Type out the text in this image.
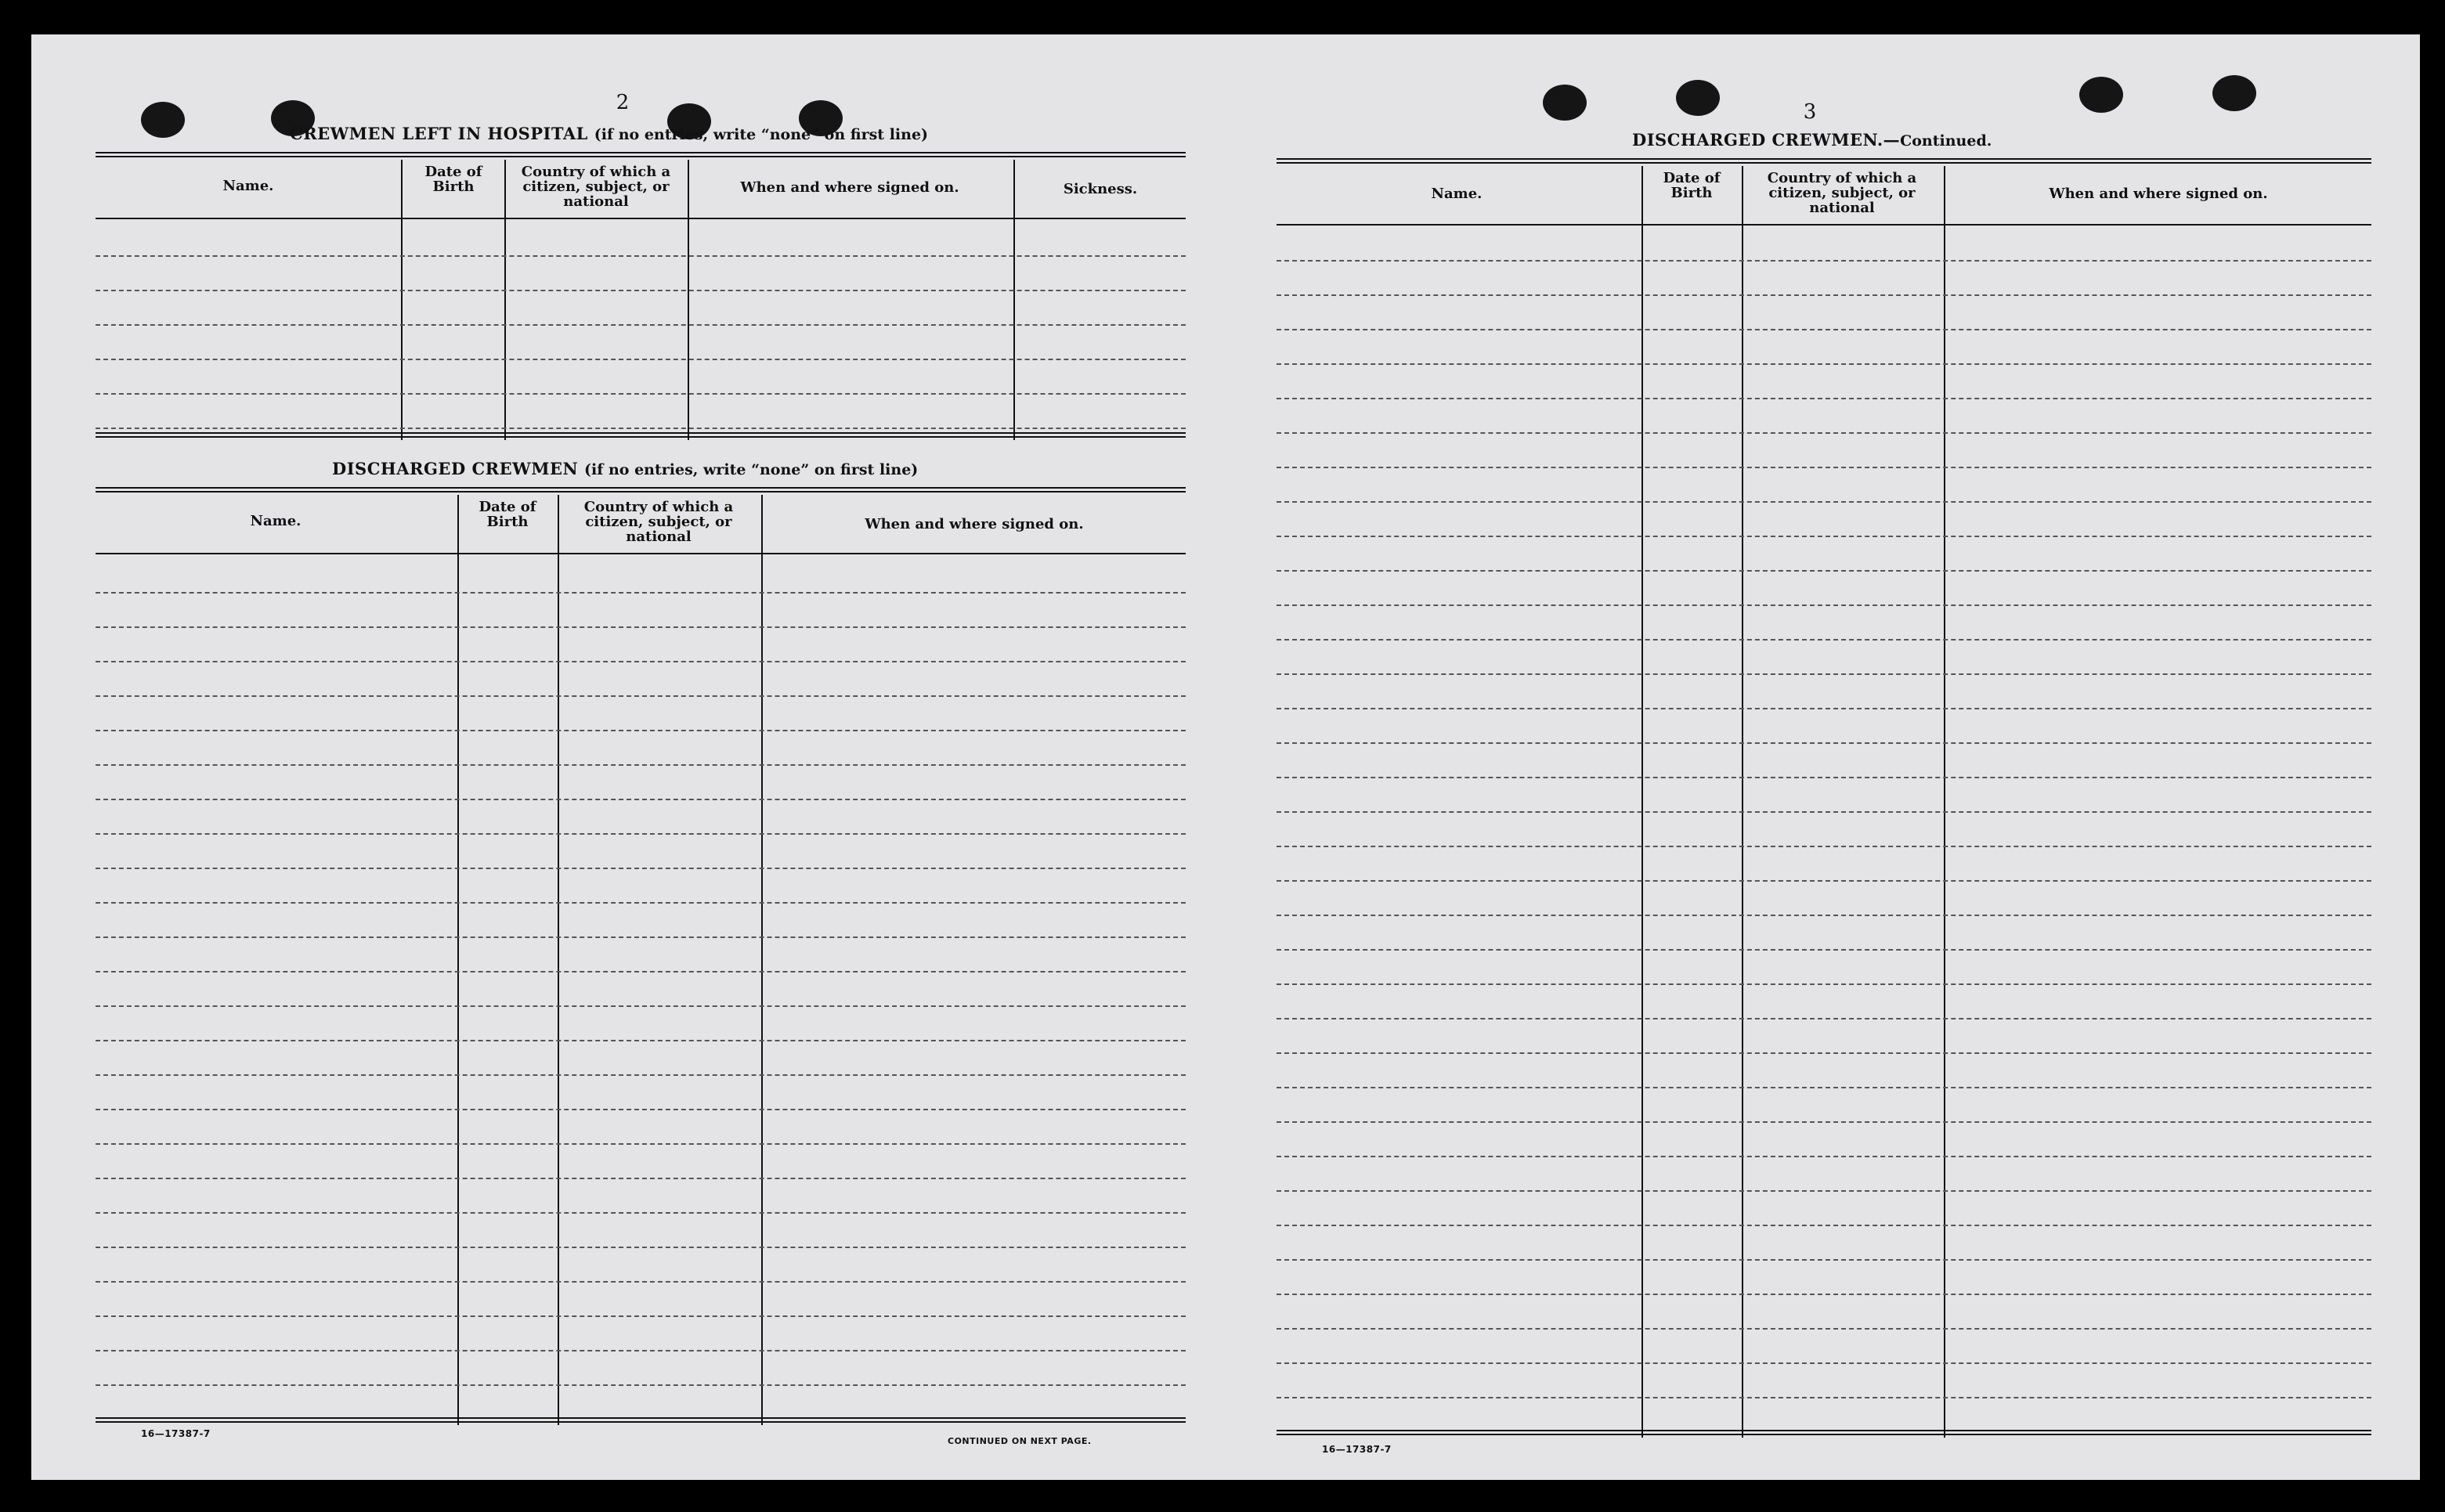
2
CREWMEN LEFT IN HOSPITAL (if no entries, write “none” on first line)
Name.
Date of Birth
Country of which a citizen, subject, or national
When and where signed on.	Sickness.
DISCHARGED CREWMEN (if no entries, write “none” on first line)
Name.
Date of Birth
Country of which a citizen, subject, or national
When and where signed on.
16—17387-7
CONTINUED ON NEXT PAGE.
3
DISCHARGED CREWMEN.—Continued.
Name.
Date of Birth
Country of which a citizen, subject, or national
When and where signed on.
16—17387-7
